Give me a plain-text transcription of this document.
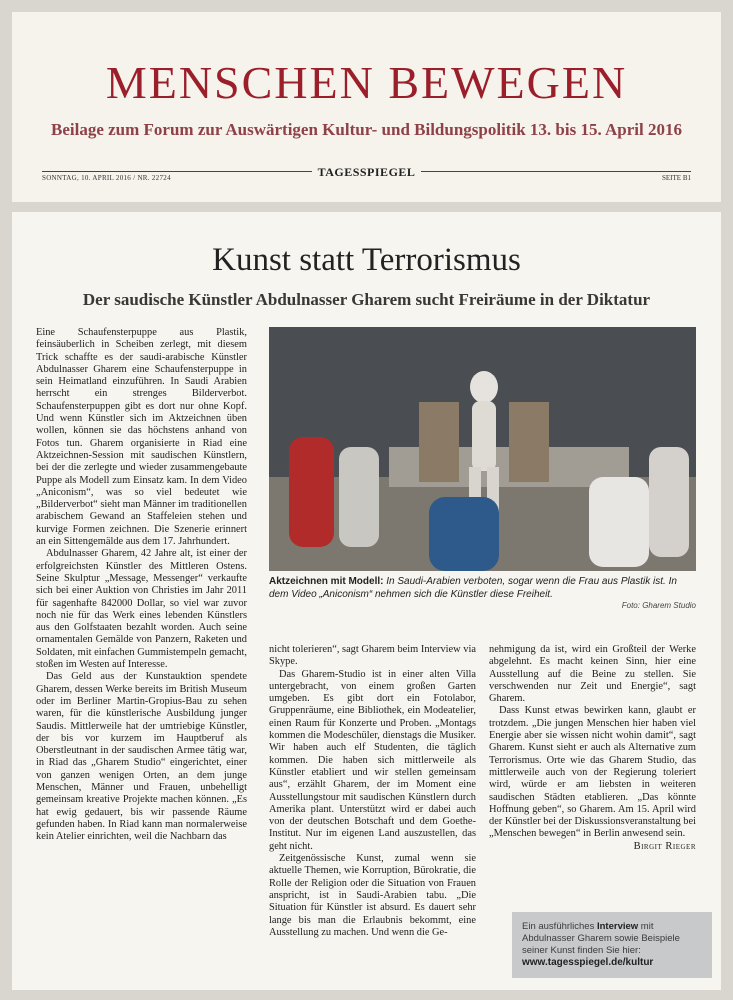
MENSCHEN BEWEGEN
Beilage zum Forum zur Auswärtigen Kultur- und Bildungspolitik 13. bis 15. April 2016
SONNTAG, 10. APRIL 2016 / NR. 22724	TAGESSPIEGEL	SEITE B1
Kunst statt Terrorismus
Der saudische Künstler Abdulnasser Gharem sucht Freiräume in der Diktatur

Eine Schaufensterpuppe aus Plastik, feinsäuberlich in Scheiben zerlegt, mit diesem Trick schaffte es der saudi-arabische Künstler Abdulnasser Gharem eine Schaufensterpuppe in sein Heimatland einzuführen. In Saudi Arabien herrscht ein strenges Bilderverbot. Schaufensterpuppen gibt es dort nur ohne Kopf. Und wenn Künstler sich im Aktzeichnen üben wollen, können sie das höchstens anhand von Fotos tun. Gharem organisierte in Riad eine Aktzeichnen-Session mit saudischen Künstlern, bei der die zerlegte und wieder zusammengebaute Puppe als Modell zum Einsatz kam. In dem Video „Aniconism“, was so viel bedeutet wie „Bilderverbot“ sieht man Männer im traditionellen arabischem Gewand an Staffeleien stehen und kurvige Formen zeichnen. Die Szenerie erinnert an ein Sittengemälde aus dem 17. Jahrhundert.

Abdulnasser Gharem, 42 Jahre alt, ist einer der erfolgreichsten Künstler des Mittleren Ostens. Seine Skulptur „Message, Messenger“ verkaufte sich bei einer Auktion von Christies im Jahr 2011 für sagenhafte 842000 Dollar, so viel war zuvor noch nie für das Werk eines lebenden Künstlers aus den Golfstaaten bezahlt worden. Auch seine ornamentalen Gemälde von Panzern, Raketen und Soldaten, mit einfachen Gummistempeln gemacht, stoßen im Westen auf Interesse.

Das Geld aus der Kunstauktion spendete Gharem, dessen Werke bereits im British Museum oder im Berliner Martin-Gropius-Bau zu sehen waren, für die künstlerische Ausbildung junger Saudis. Mittlerweile hat der umtriebige Künstler, der bis vor kurzem im Hauptberuf als Oberstleutnant in der saudischen Armee tätig war, in Riad das „Gharem Studio“ eingerichtet, einer von ganzen wenigen Orten, an dem junge Menschen, Männer und Frauen, unbehelligt gemeinsam kreative Projekte machen können. „Es hat ewig gedauert, bis wir passende Räume gefunden haben. In Riad kann man normalerweise kein Atelier einrichten, weil die Nachbarn das

Aktzeichnen mit Modell: In Saudi-Arabien verboten, sogar wenn die Frau aus Plastik ist. In dem Video „Aniconism“ nehmen sich die Künstler diese Freiheit.
Foto: Gharem Studio

nicht tolerieren“, sagt Gharem beim Interview via Skype.

Das Gharem-Studio ist in einer alten Villa untergebracht, von einem großen Garten umgeben. Es gibt dort ein Fotolabor, Gruppenräume, eine Bibliothek, ein Modeatelier, einen Raum für Konzerte und Proben. „Montags kommen die Modeschüler, dienstags die Musiker. Wir haben auch elf Studenten, die täglich kommen. Die haben sich mittlerweile als Künstler etabliert und wir stellen gemeinsam aus“, erzählt Gharem, der im Moment eine Ausstellungstour mit saudischen Künstlern durch Amerika plant. Unterstützt wird er dabei auch von der deutschen Botschaft und dem Goethe-Institut. Nur im eigenen Land auszustellen, das geht nicht.

Zeitgenössische Kunst, zumal wenn sie aktuelle Themen, wie Korruption, Bürokratie, die Rolle der Religion oder die Situation von Frauen anspricht, ist in Saudi-Arabien tabu. „Die Situation für Künstler ist absurd. Es dauert sehr lange bis man die Erlaubnis bekommt, eine Ausstellung zu machen. Und wenn die Ge-

nehmigung da ist, wird ein Großteil der Werke abgelehnt. Es macht keinen Sinn, hier eine Ausstellung auf die Beine zu stellen. Sie verschwenden nur Zeit und Energie“, sagt Gharem.

Dass Kunst etwas bewirken kann, glaubt er trotzdem. „Die jungen Menschen hier haben viel Energie aber sie wissen nicht wohin damit“, sagt Gharem. Kunst sieht er auch als Alternative zum Terrorismus. Orte wie das Gharem Studio, das mittlerweile auch von der Regierung toleriert wird, würde er am liebsten in weiteren saudischen Städten etablieren. „Das könnte Hoffnung geben“, so Gharem. Am 15. April wird der Künstler bei der Diskussionsveranstaltung bei „Menschen bewegen“ in Berlin anwesend sein.

Birgit Rieger
Ein ausführliches Interview mit Abdulnasser Gharem sowie Beispiele seiner Kunst finden Sie hier:
www.tagesspiegel.de/kultur
